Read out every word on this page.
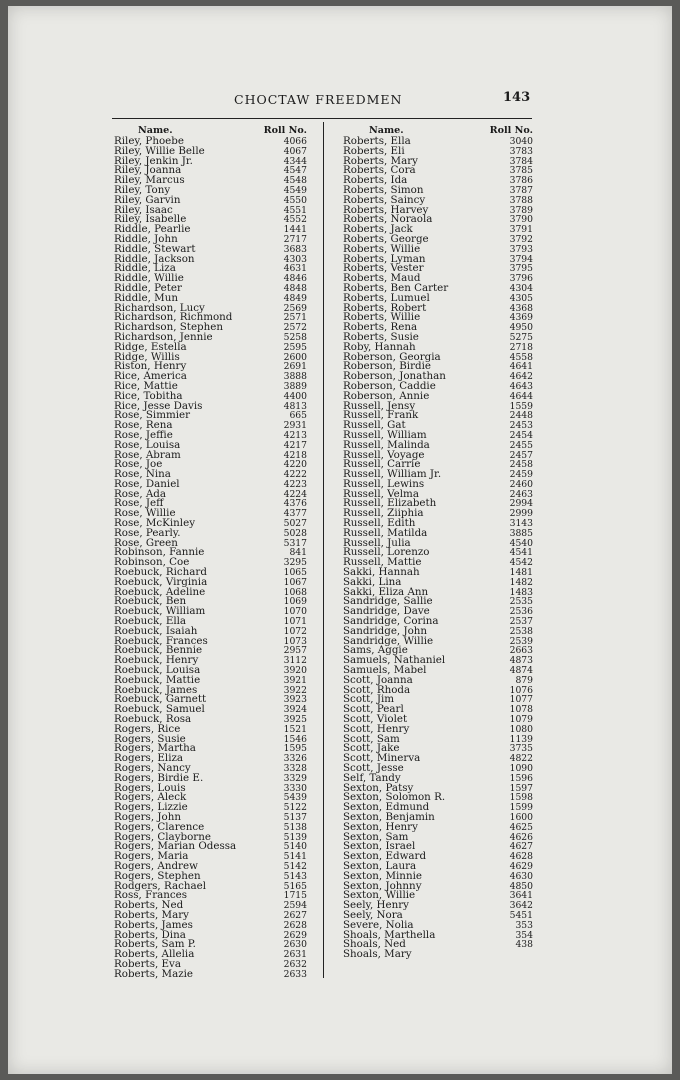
CHOCTAW FREEDMEN	143
Name.	Roll No.
Riley, Phoebe	4066
Riley, Willie Belle	4067
Riley, Jenkin Jr.	4344
Riley, Joanna	4547
Riley, Marcus	4548
Riley, Tony	4549
Riley, Garvin	4550
Riley, Isaac	4551
Riley, Isabelle	4552
Riddle, Pearlie	1441
Riddle, John	2717
Riddle, Stewart	3683
Riddle, Jackson	4303
Riddle, Liza	4631
Riddle, Willie	4846
Riddle, Peter	4848
Riddle, Mun	4849
Richardson, Lucy	2569
Richardson, Richmond	2571
Richardson, Stephen	2572
Richardson, Jennie	5258
Ridge, Estella	2595
Ridge, Willis	2600
Riston, Henry	2691
Rice, America	3888
Rice, Mattie	3889
Rice, Tobitha	4400
Rice, Jesse Davis	4813
Rose, Simmier	665
Rose, Rena	2931
Rose, Jeffie	4213
Rose, Louisa	4217
Rose, Abram	4218
Rose, Joe	4220
Rose, Nina	4222
Rose, Daniel	4223
Rose, Ada	4224
Rose, Jeff	4376
Rose, Willie	4377
Rose, McKinley	5027
Rose, Pearly.	5028
Rose, Green	5317
Robinson, Fannie	841
Robinson, Coe	3295
Roebuck, Richard	1065
Roebuck, Virginia	1067
Roebuck, Adeline	1068
Roebuck, Ben	1069
Roebuck, William	1070
Roebuck, Ella	1071
Roebuck, Isaiah	1072
Roebuck, Frances	1073
Roebuck, Bennie	2957
Roebuck, Henry	3112
Roebuck, Louisa	3920
Roebuck, Mattie	3921
Roebuck, James	3922
Roebuck, Garnett	3923
Roebuck, Samuel	3924
Roebuck, Rosa	3925
Rogers, Rice	1521
Rogers, Susie	1546
Rogers, Martha	1595
Rogers, Eliza	3326
Rogers, Nancy	3328
Rogers, Birdie E.	3329
Rogers, Louis	3330
Rogers, Aleck	5439
Rogers, Lizzie	5122
Rogers, John	5137
Rogers, Clarence	5138
Rogers, Clayborne	5139
Rogers, Marian Odessa	5140
Rogers, Maria	5141
Rogers, Andrew	5142
Rogers, Stephen	5143
Rodgers, Rachael	5165
Ross, Frances	1715
Roberts, Ned	2594
Roberts, Mary	2627
Roberts, James	2628
Roberts, Dina	2629
Roberts, Sam P.	2630
Roberts, Allelia	2631
Roberts, Eva	2632
Roberts, Mazie	2633
Name.	Roll No.
Roberts, Ella	3040
Roberts, Eli	3783
Roberts, Mary	3784
Roberts, Cora	3785
Roberts, Ida	3786
Roberts, Simon	3787
Roberts, Saincy	3788
Roberts, Harvey	3789
Roberts, Noraola	3790
Roberts, Jack	3791
Roberts, George	3792
Roberts, Willie	3793
Roberts, Lyman	3794
Roberts, Vester	3795
Roberts, Maud	3796
Roberts, Ben Carter	4304
Roberts, Lumuel	4305
Roberts, Robert	4368
Roberts, Willie	4369
Roberts, Rena	4950
Roberts, Susie	5275
Roby, Hannah	2718
Roberson, Georgia	4558
Roberson, Birdie	4641
Roberson, Jonathan	4642
Roberson, Caddie	4643
Roberson, Annie	4644
Russell, Jensy	1559
Russell, Frank	2448
Russell, Gat	2453
Russell, William	2454
Russell, Malinda	2455
Russell, Voyage	2457
Russell, Carrie	2458
Russell, William Jr.	2459
Russell, Lewins	2460
Russell, Velma	2463
Russell, Elizabeth	2994
Russell, Ziiphia	2999
Russell, Edith	3143
Russell, Matilda	3885
Russell, Julia	4540
Russell, Lorenzo	4541
Russell, Mattie	4542
Sakki, Hannah	1481
Sakki, Lina	1482
Sakki, Eliza Ann	1483
Sandridge, Sallie	2535
Sandridge, Dave	2536
Sandridge, Corina	2537
Sandridge, John	2538
Sandridge, Willie	2539
Sams, Aggie	2663
Samuels, Nathaniel	4873
Samuels, Mabel	4874
Scott, Joanna	879
Scott, Rhoda	1076
Scott, Jim	1077
Scott, Pearl	1078
Scott, Violet	1079
Scott, Henry	1080
Scott, Sam	1139
Scott, Jake	3735
Scott, Minerva	4822
Scott, Jesse	1090
Self, Tandy	1596
Sexton, Patsy	1597
Sexton, Solomon R.	1598
Sexton, Edmund	1599
Sexton, Benjamin	1600
Sexton, Henry	4625
Sexton, Sam	4626
Sexton, Israel	4627
Sexton, Edward	4628
Sexton, Laura	4629
Sexton, Minnie	4630
Sexton, Johnny	4850
Sexton, Willie	3641
Seely, Henry	3642
Seely, Nora	5451
Severe, Nolia	353
Shoals, Marthella	354
Shoals, Ned	438
Shoals, Mary
